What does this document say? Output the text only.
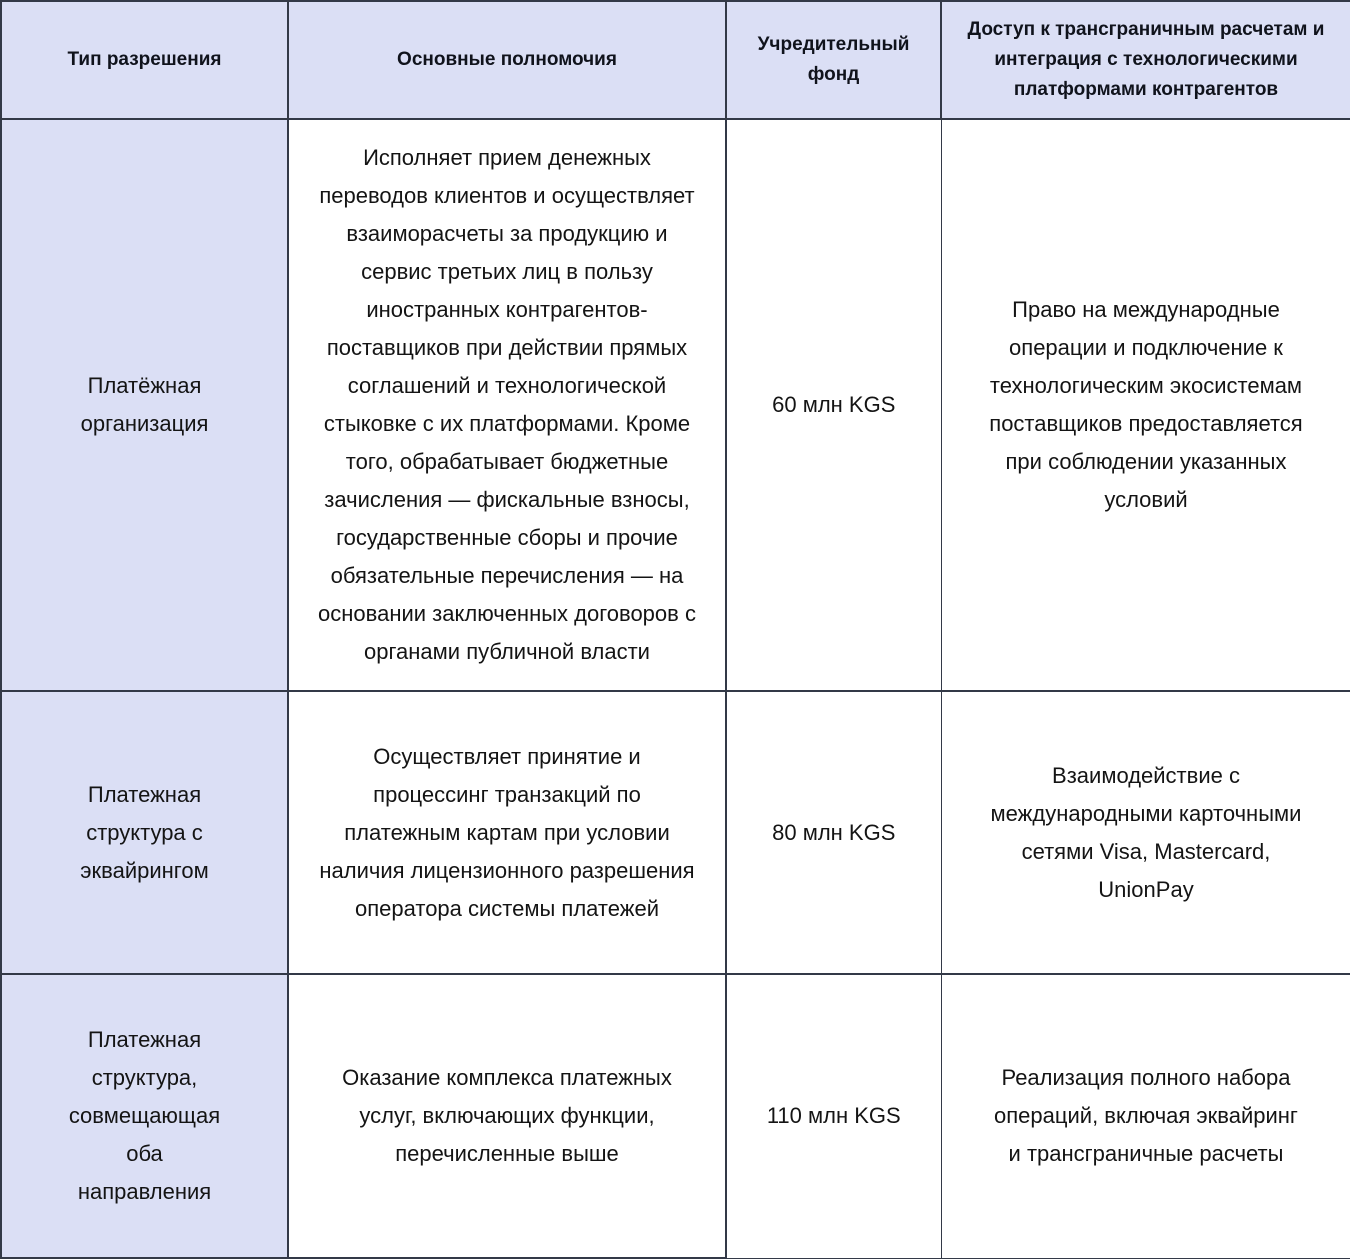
Тип разрешения	Основные полномочия	Учредительный фонд	Доступ к трансграничным расчетам и интеграция с технологическими платформами контрагентов
Платёжная организация	Исполняет прием денежных переводов клиентов и осуществляет взаиморасчеты за продукцию и сервис третьих лиц в пользу иностранных контрагентов-поставщиков при действии прямых соглашений и технологической стыковке с их платформами. Кроме того, обрабатывает бюджетные зачисления — фискальные взносы, государственные сборы и прочие обязательные перечисления — на основании заключенных договоров с органами публичной власти	60 млн KGS	Право на международные операции и подключение к технологическим экосистемам поставщиков предоставляется при соблюдении указанных условий
Платежная структура с эквайрингом	Осуществляет принятие и процессинг транзакций по платежным картам при условии наличия лицензионного разрешения оператора системы платежей	80 млн KGS	Взаимодействие с международными карточными сетями Visa, Mastercard, UnionPay
Платежная структура, совмещающая оба направления	Оказание комплекса платежных услуг, включающих функции, перечисленные выше	110 млн KGS	Реализация полного набора операций, включая эквайринг и трансграничные расчеты
